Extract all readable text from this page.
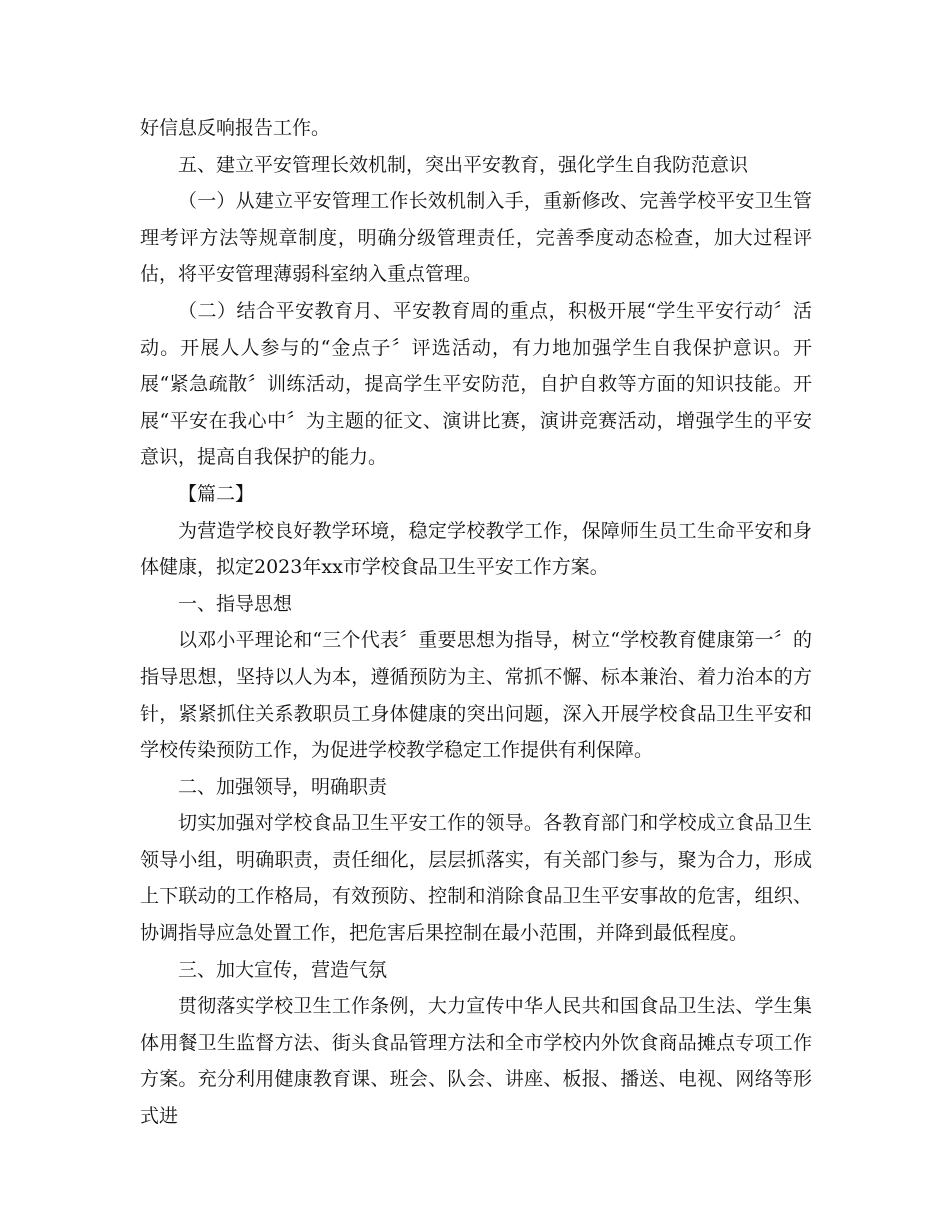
好信息反响报告工作。

五、建立平安管理长效机制，突出平安教育，强化学生自我防范意识

（一）从建立平安管理工作长效机制入手，重新修改、完善学校平安卫生管理考评方法等规章制度，明确分级管理责任，完善季度动态检查，加大过程评估，将平安管理薄弱科室纳入重点管理。

（二）结合平安教育月、平安教育周的重点，积极开展“学生平安行动〞活动。开展人人参与的“金点子〞评选活动，有力地加强学生自我保护意识。开展“紧急疏散〞训练活动，提高学生平安防范，自护自救等方面的知识技能。开展“平安在我心中〞为主题的征文、演讲比赛，演讲竞赛活动，增强学生的平安意识，提高自我保护的能力。

【篇二】

为营造学校良好教学环境，稳定学校教学工作，保障师生员工生命平安和身体健康，拟定2023年xx市学校食品卫生平安工作方案。

一、指导思想

以邓小平理论和“三个代表〞重要思想为指导，树立“学校教育健康第一〞的指导思想，坚持以人为本，遵循预防为主、常抓不懈、标本兼治、着力治本的方针，紧紧抓住关系教职员工身体健康的突出问题，深入开展学校食品卫生平安和学校传染预防工作，为促进学校教学稳定工作提供有利保障。

二、加强领导，明确职责

切实加强对学校食品卫生平安工作的领导。各教育部门和学校成立食品卫生领导小组，明确职责，责任细化，层层抓落实，有关部门参与，聚为合力，形成上下联动的工作格局，有效预防、控制和消除食品卫生平安事故的危害，组织、协调指导应急处置工作，把危害后果控制在最小范围，并降到最低程度。

三、加大宣传，营造气氛

贯彻落实学校卫生工作条例，大力宣传中华人民共和国食品卫生法、学生集体用餐卫生监督方法、街头食品管理方法和全市学校内外饮食商品摊点专项工作方案。充分利用健康教育课、班会、队会、讲座、板报、播送、电视、网络等形式进
